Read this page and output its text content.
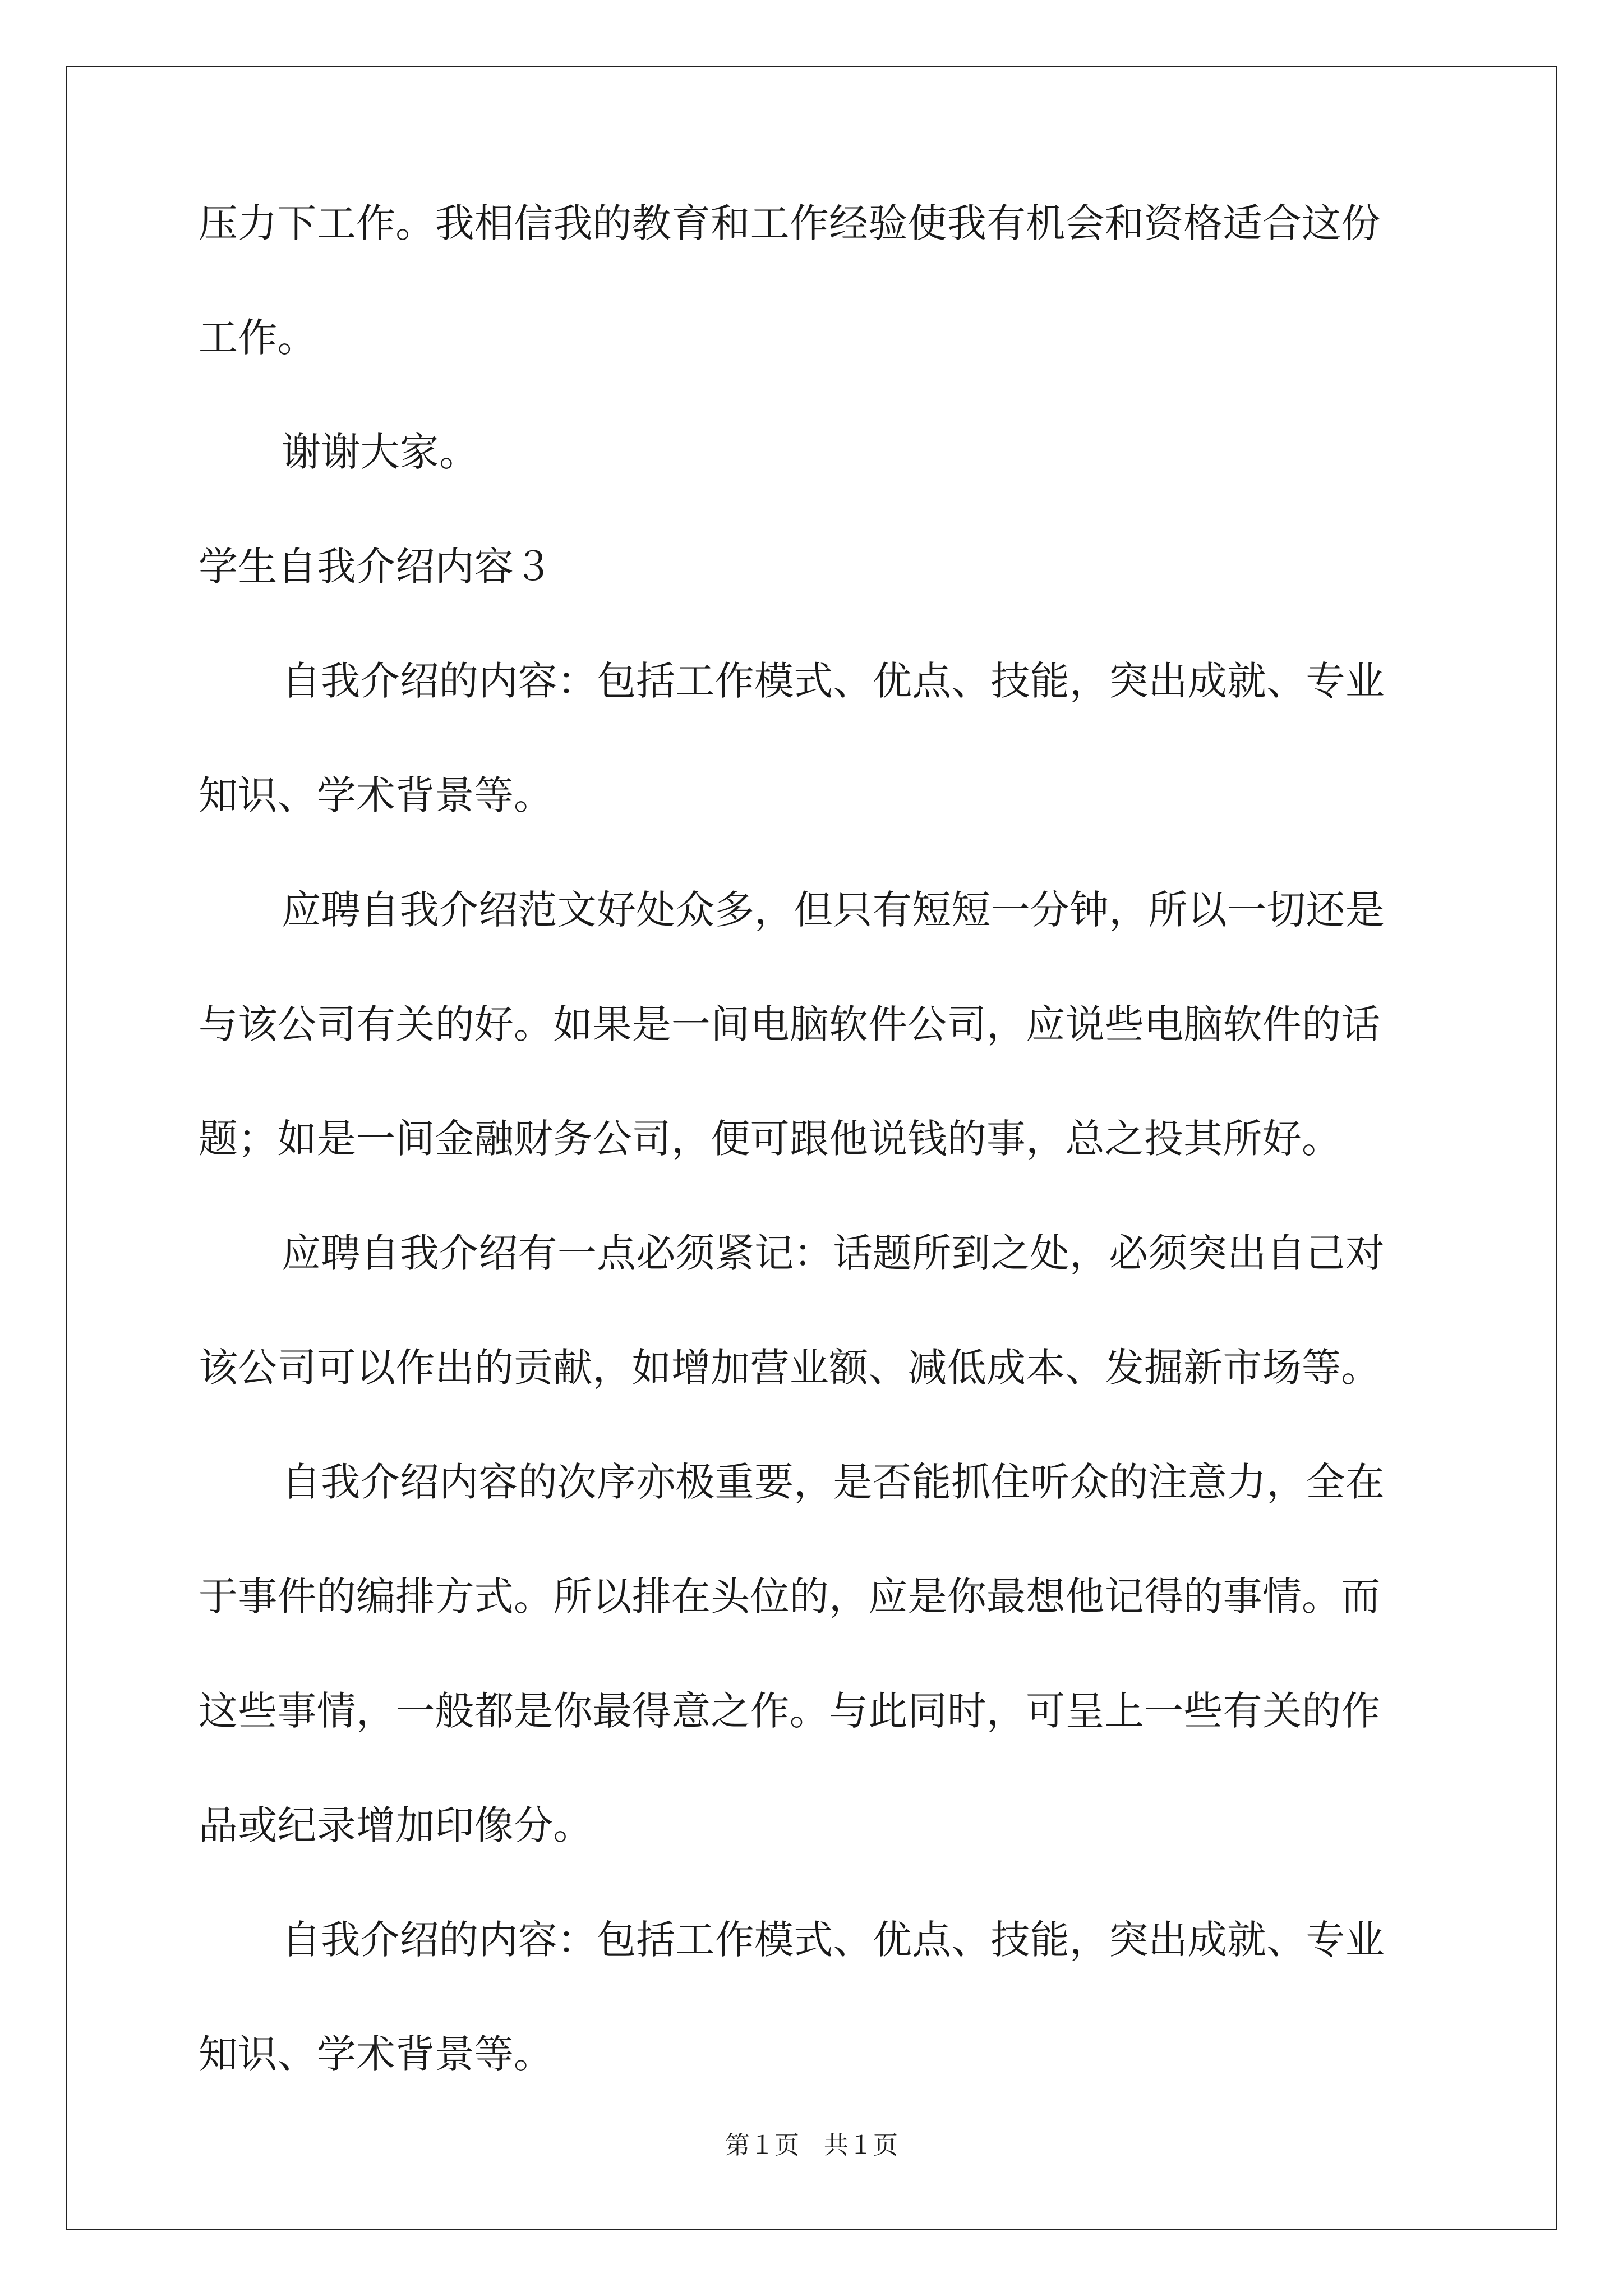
压力下工作。我相信我的教育和工作经验使我有机会和资格适合这份
工作。
谢谢大家。
学生自我介绍内容３
自我介绍的内容：包括工作模式、优点、技能，突出成就、专业
知识、学术背景等。
应聘自我介绍范文好处众多，但只有短短一分钟，所以一切还是
与该公司有关的好。如果是一间电脑软件公司，应说些电脑软件的话
题；如是一间金融财务公司，便可跟他说钱的事，总之投其所好。
应聘自我介绍有一点必须紧记：话题所到之处，必须突出自己对
该公司可以作出的贡献，如增加营业额、减低成本、发掘新市场等。
自我介绍内容的次序亦极重要，是否能抓住听众的注意力，全在
于事件的编排方式。所以排在头位的，应是你最想他记得的事情。而
这些事情，一般都是你最得意之作。与此同时，可呈上一些有关的作
品或纪录增加印像分。
自我介绍的内容：包括工作模式、优点、技能，突出成就、专业
知识、学术背景等。
第１页　共１页
